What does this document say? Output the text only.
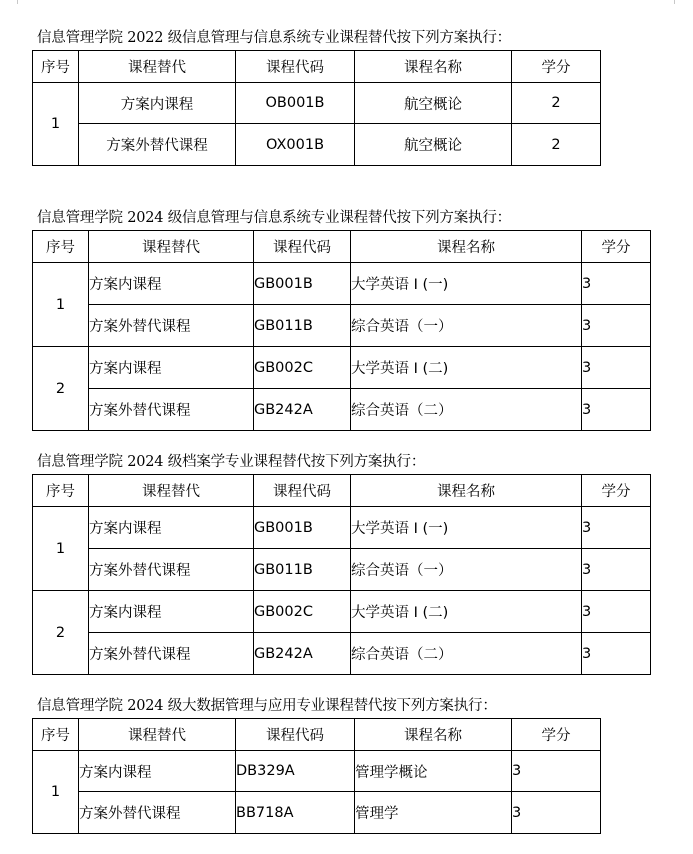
信息管理学院 2022 级信息管理与信息系统专业课程替代按下列方案执行：
序号	课程替代	课程代码	课程名称	学分
1	方案内课程	OB001B	航空概论	2
	方案外替代课程	OX001B	航空概论	2
信息管理学院 2024 级信息管理与信息系统专业课程替代按下列方案执行：
序号	课程替代	课程代码	课程名称	学分
1	方案内课程	GB001B	大学英语 I (一)	3
	方案外替代课程	GB011B	综合英语（一）	3
2	方案内课程	GB002C	大学英语 I (二)	3
	方案外替代课程	GB242A	综合英语（二）	3
信息管理学院 2024 级档案学专业课程替代按下列方案执行：
序号	课程替代	课程代码	课程名称	学分
1	方案内课程	GB001B	大学英语 I (一)	3
	方案外替代课程	GB011B	综合英语（一）	3
2	方案内课程	GB002C	大学英语 I (二)	3
	方案外替代课程	GB242A	综合英语（二）	3
信息管理学院 2024 级大数据管理与应用专业课程替代按下列方案执行：
序号	课程替代	课程代码	课程名称	学分
1	方案内课程	DB329A	管理学概论	3
	方案外替代课程	BB718A	管理学	3
